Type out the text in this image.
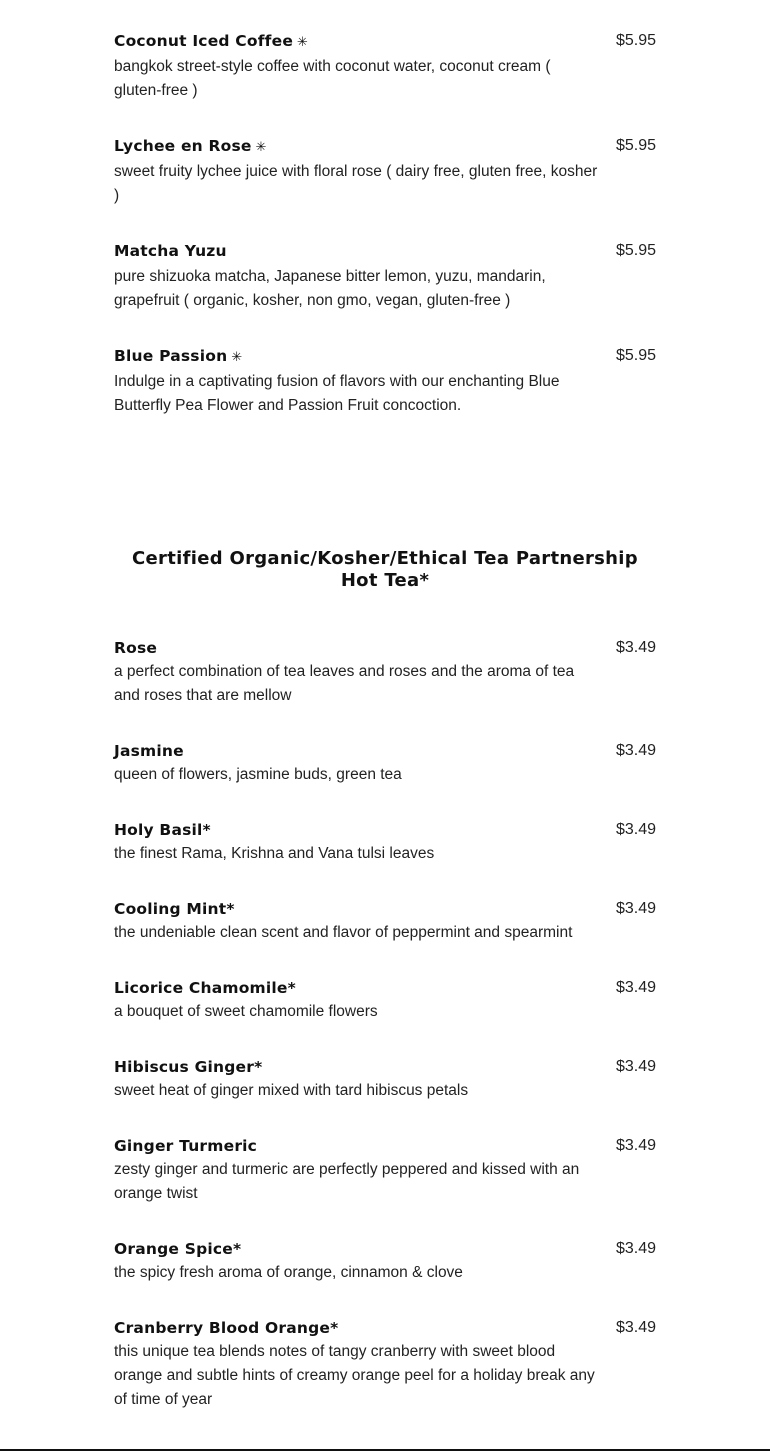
Coconut Iced Coffee ✳

bangkok street-style coffee with coconut water, coconut cream ( gluten-free )

$5.95

Lychee en Rose ✳

sweet fruity lychee juice with floral rose ( dairy free, gluten free, kosher )

$5.95

Matcha Yuzu

pure shizuoka matcha, Japanese bitter lemon, yuzu, mandarin, grapefruit ( organic, kosher, non gmo, vegan, gluten-free )

$5.95

Blue Passion ✳

Indulge in a captivating fusion of flavors with our enchanting Blue Butterfly Pea Flower and Passion Fruit concoction.

$5.95
Certified Organic/Kosher/Ethical Tea Partnership Hot Tea*

Rose

a perfect combination of tea leaves and roses and the aroma of tea and roses that are mellow

$3.49

Jasmine

queen of flowers, jasmine buds, green tea

$3.49

Holy Basil*

the finest Rama, Krishna and Vana tulsi leaves

$3.49

Cooling Mint*

the undeniable clean scent and flavor of peppermint and spearmint

$3.49

Licorice Chamomile*

a bouquet of sweet chamomile flowers

$3.49

Hibiscus Ginger*

sweet heat of ginger mixed with tard hibiscus petals

$3.49

Ginger Turmeric

zesty ginger and turmeric are perfectly peppered and kissed with an orange twist

$3.49

Orange Spice*

the spicy fresh aroma of orange, cinnamon & clove

$3.49

Cranberry Blood Orange*

this unique tea blends notes of tangy cranberry with sweet blood orange and subtle hints of creamy orange peel for a holiday break any of time of year

$3.49
